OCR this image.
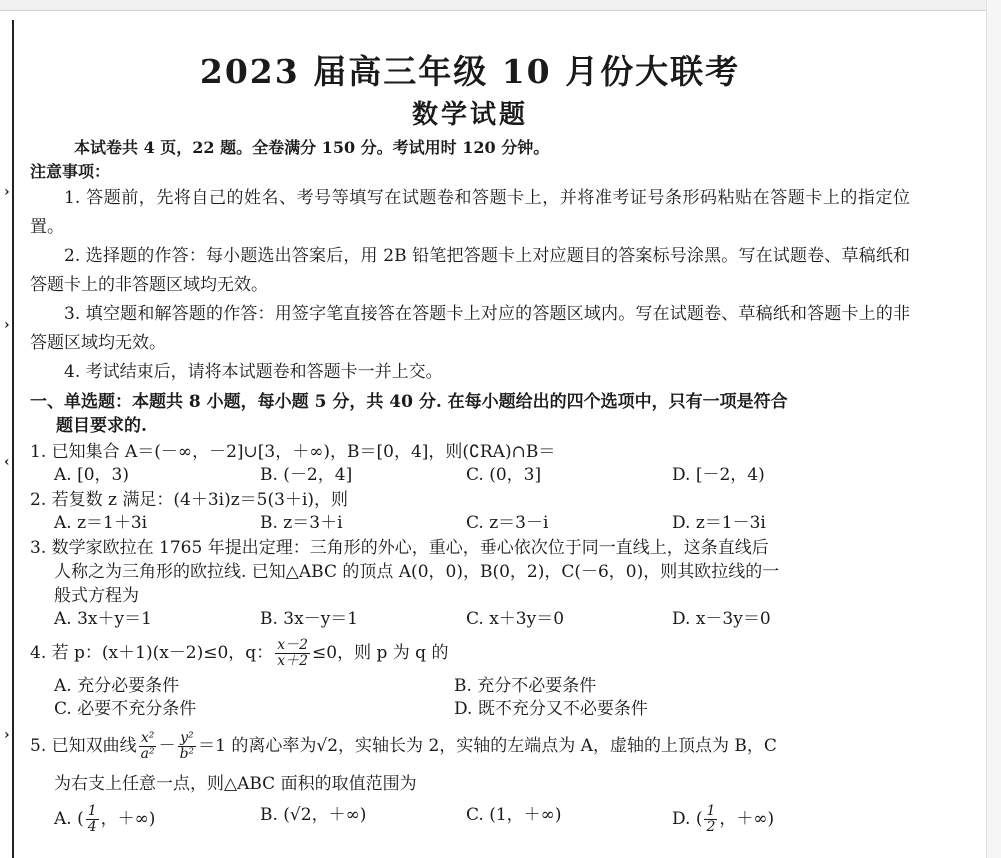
›
›
‹
›
2023 届高三年级 10 月份大联考
数学试题
本试卷共 4 页，22 题。全卷满分 150 分。考试用时 120 分钟。
注意事项：

1. 答题前，先将自己的姓名、考号等填写在试题卷和答题卡上，并将准考证号条形码粘贴在答题卡上的指定位置。

2. 选择题的作答：每小题选出答案后，用 2B 铅笔把答题卡上对应题目的答案标号涂黑。写在试题卷、草稿纸和答题卡上的非答题区域均无效。

3. 填空题和解答题的作答：用签字笔直接答在答题卡上对应的答题区域内。写在试题卷、草稿纸和答题卡上的非答题区域均无效。

4. 考试结束后，请将本试题卷和答题卡一并上交。

一、单选题：本题共 8 小题，每小题 5 分，共 40 分. 在每小题给出的四个选项中，只有一项是符合
题目要求的.
1. 已知集合 A＝(－∞，－2]∪[3，＋∞)，B＝[0，4]，则(∁RA)∩B＝
A. [0，3)	B. (－2，4]	C. (0，3]	D. [－2，4)
2. 若复数 z 满足：(4＋3i)z＝5(3＋i)，则
A. z＝1＋3i	B. z＝3＋i	C. z＝3－i	D. z＝1－3i
3. 数学家欧拉在 1765 年提出定理：三角形的外心，重心，垂心依次位于同一直线上，这条直线后
人称之为三角形的欧拉线. 已知△ABC 的顶点 A(0，0)，B(0，2)，C(－6，0)，则其欧拉线的一
般式方程为
A. 3x＋y＝1	B. 3x－y＝1	C. x＋3y＝0	D. x－3y＝0
4. 若 p：(x＋1)(x－2)≤0，q： $\frac{x-2}{x+2} \le 0$，则 p 为 q 的
A. 充分必要条件	B. 充分不必要条件
C. 必要不充分条件	D. 既不充分又不必要条件
5. 已知双曲线 $\frac{\text{x²}}{\text{a²}} - \frac{\text{y²}}{\text{b²}} =1$ 的离心率为√2，实轴长为 2，实轴的左端点为 A，虚轴的上顶点为 B，C
为右支上任意一点，则△ABC 面积的取值范围为
A. ( $\frac{1}{4}$ ，＋∞)	B. (√2，＋∞)	C. (1，＋∞)	D. ( $\frac{1}{2}$ ，＋∞)
